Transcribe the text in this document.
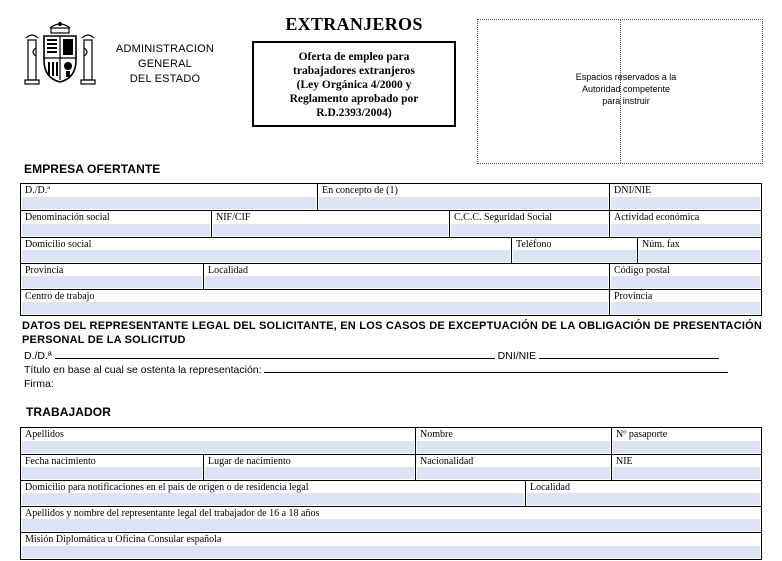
ADMINISTRACION
GENERAL
DEL ESTADO
EXTRANJEROS
Oferta de empleo para
trabajadores extranjeros
(Ley Orgánica 4/2000 y
Reglamento aprobado por
R.D.2393/2004)
Espacios reservados a la
Autoridad competente
para instruir
EMPRESA OFERTANTE
D./D.ª	En concepto de (1)	DNI/NIE
Denominación social	NIF/CIF	C.C.C. Seguridad Social	Actividad económica
Domicilio social	Teléfono	Núm. fax
Provincia	Localidad	Código postal
Centro de trabajo	Provincia
DATOS DEL REPRESENTANTE LEGAL DEL SOLICITANTE, EN LOS CASOS DE EXCEPTUACIÓN DE LA OBLIGACIÓN DE PRESENTACIÓN PERSONAL DE LA SOLICITUD
D./D.ª	DNI/NIE
Título en base al cual se ostenta la representación:
Firma:
TRABAJADOR
Apellidos	Nombre	Nº pasaporte
Fecha nacimiento	Lugar de nacimiento	Nacionalidad	NIE
Domicilio para notificaciones en el país de origen o de residencia legal	Localidad
Apellidos y nombre del representante legal del trabajador de 16 a 18 años
Misión Diplomática u Oficina Consular española
